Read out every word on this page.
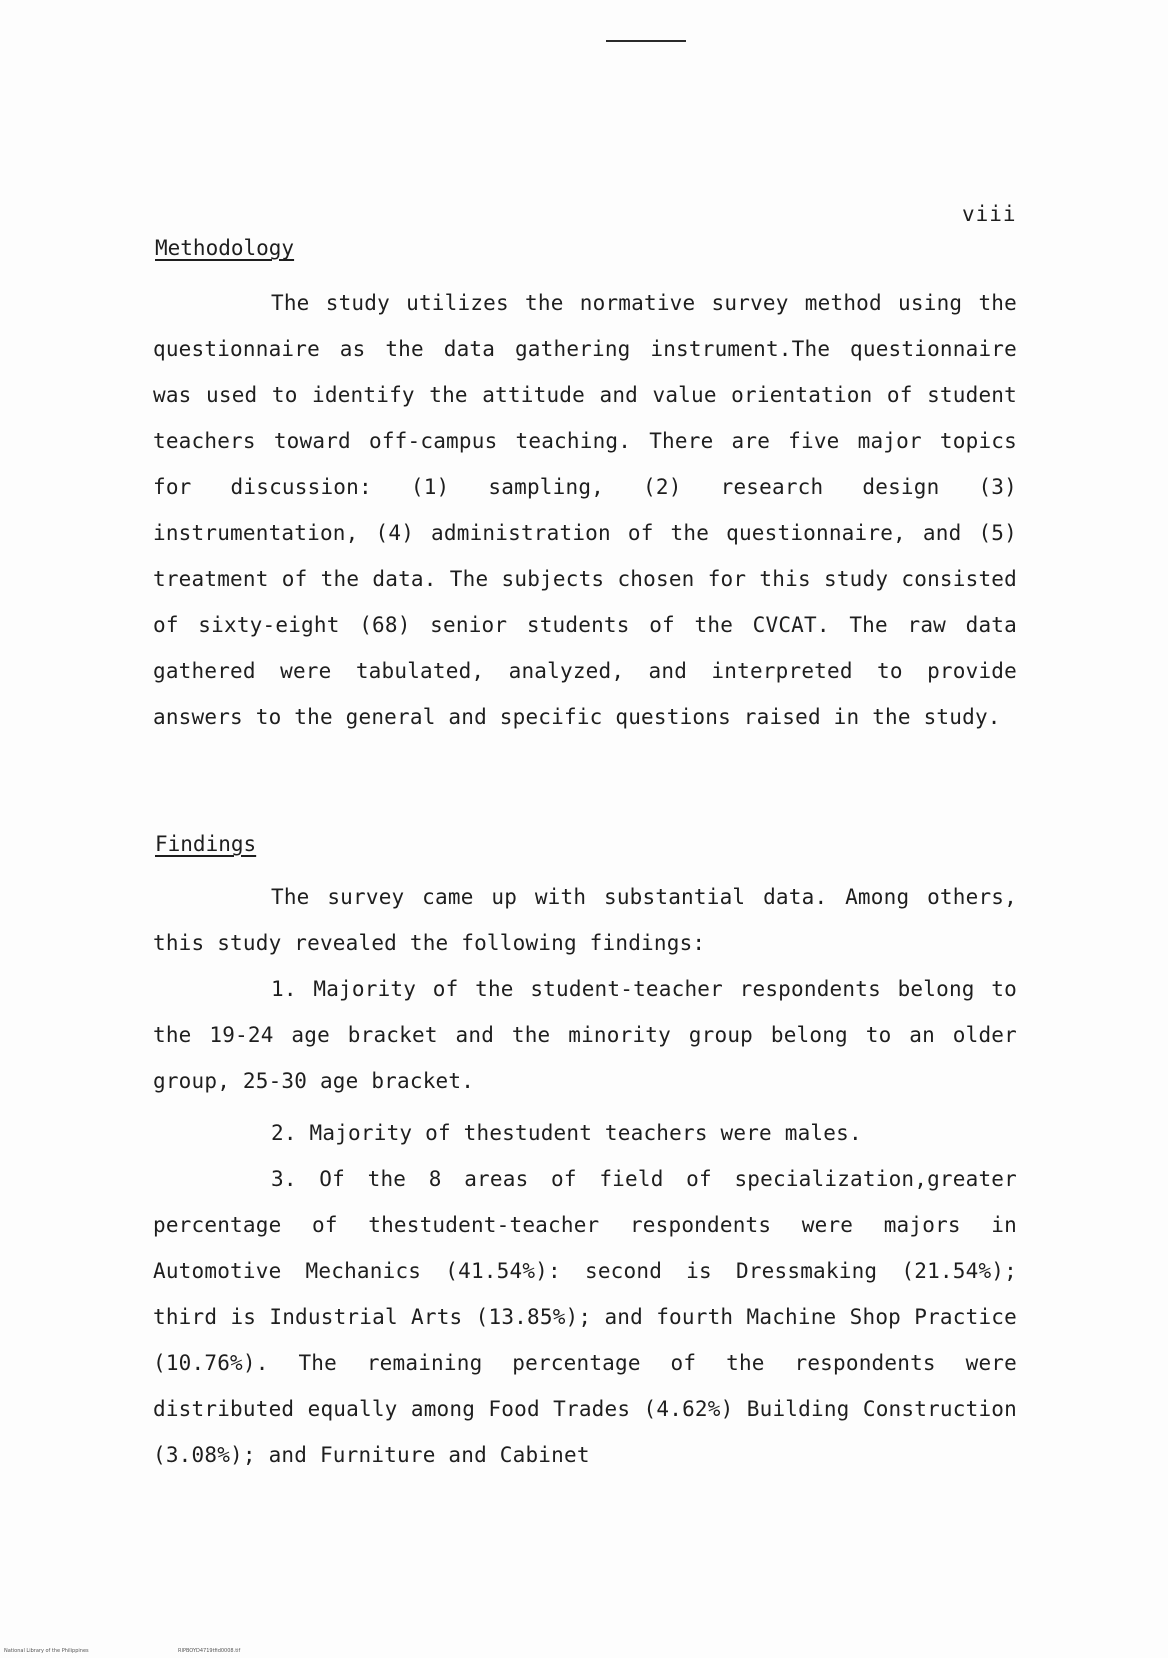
viii
Methodology
The study utilizes the normative survey method using the questionnaire as the data gathering instrument.The questionnaire was used to identify the attitude and value orientation of student teachers toward off-campus teaching. There are five major topics for discussion: (1) sampling, (2) research design (3) instrumentation, (4) administration of the questionnaire, and (5) treatment of the data. The subjects chosen for this study consisted of sixty-eight (68) senior students of the CVCAT. The raw data gathered were tabulated, analyzed, and interpreted to provide answers to the general and specific questions raised in the study.
Findings
The survey came up with substantial data. Among others, this study revealed the following findings:
1. Majority of the student-teacher respondents belong to the 19-24 age bracket and the minority group belong to an older group, 25-30 age bracket.
2. Majority of thestudent teachers were males.
3. Of the 8 areas of field of specialization,greater percentage of thestudent-teacher respondents were majors in Automotive Mechanics (41.54%): second is Dressmaking (21.54%); third is Industrial Arts (13.85%); and fourth Machine Shop Practice (10.76%). The remaining percentage of the respondents were distributed equally among Food Trades (4.62%) Building Construction (3.08%); and Furniture and Cabinet
National Library of the Philippines	RIPBOYD4719tfid0008.tif
